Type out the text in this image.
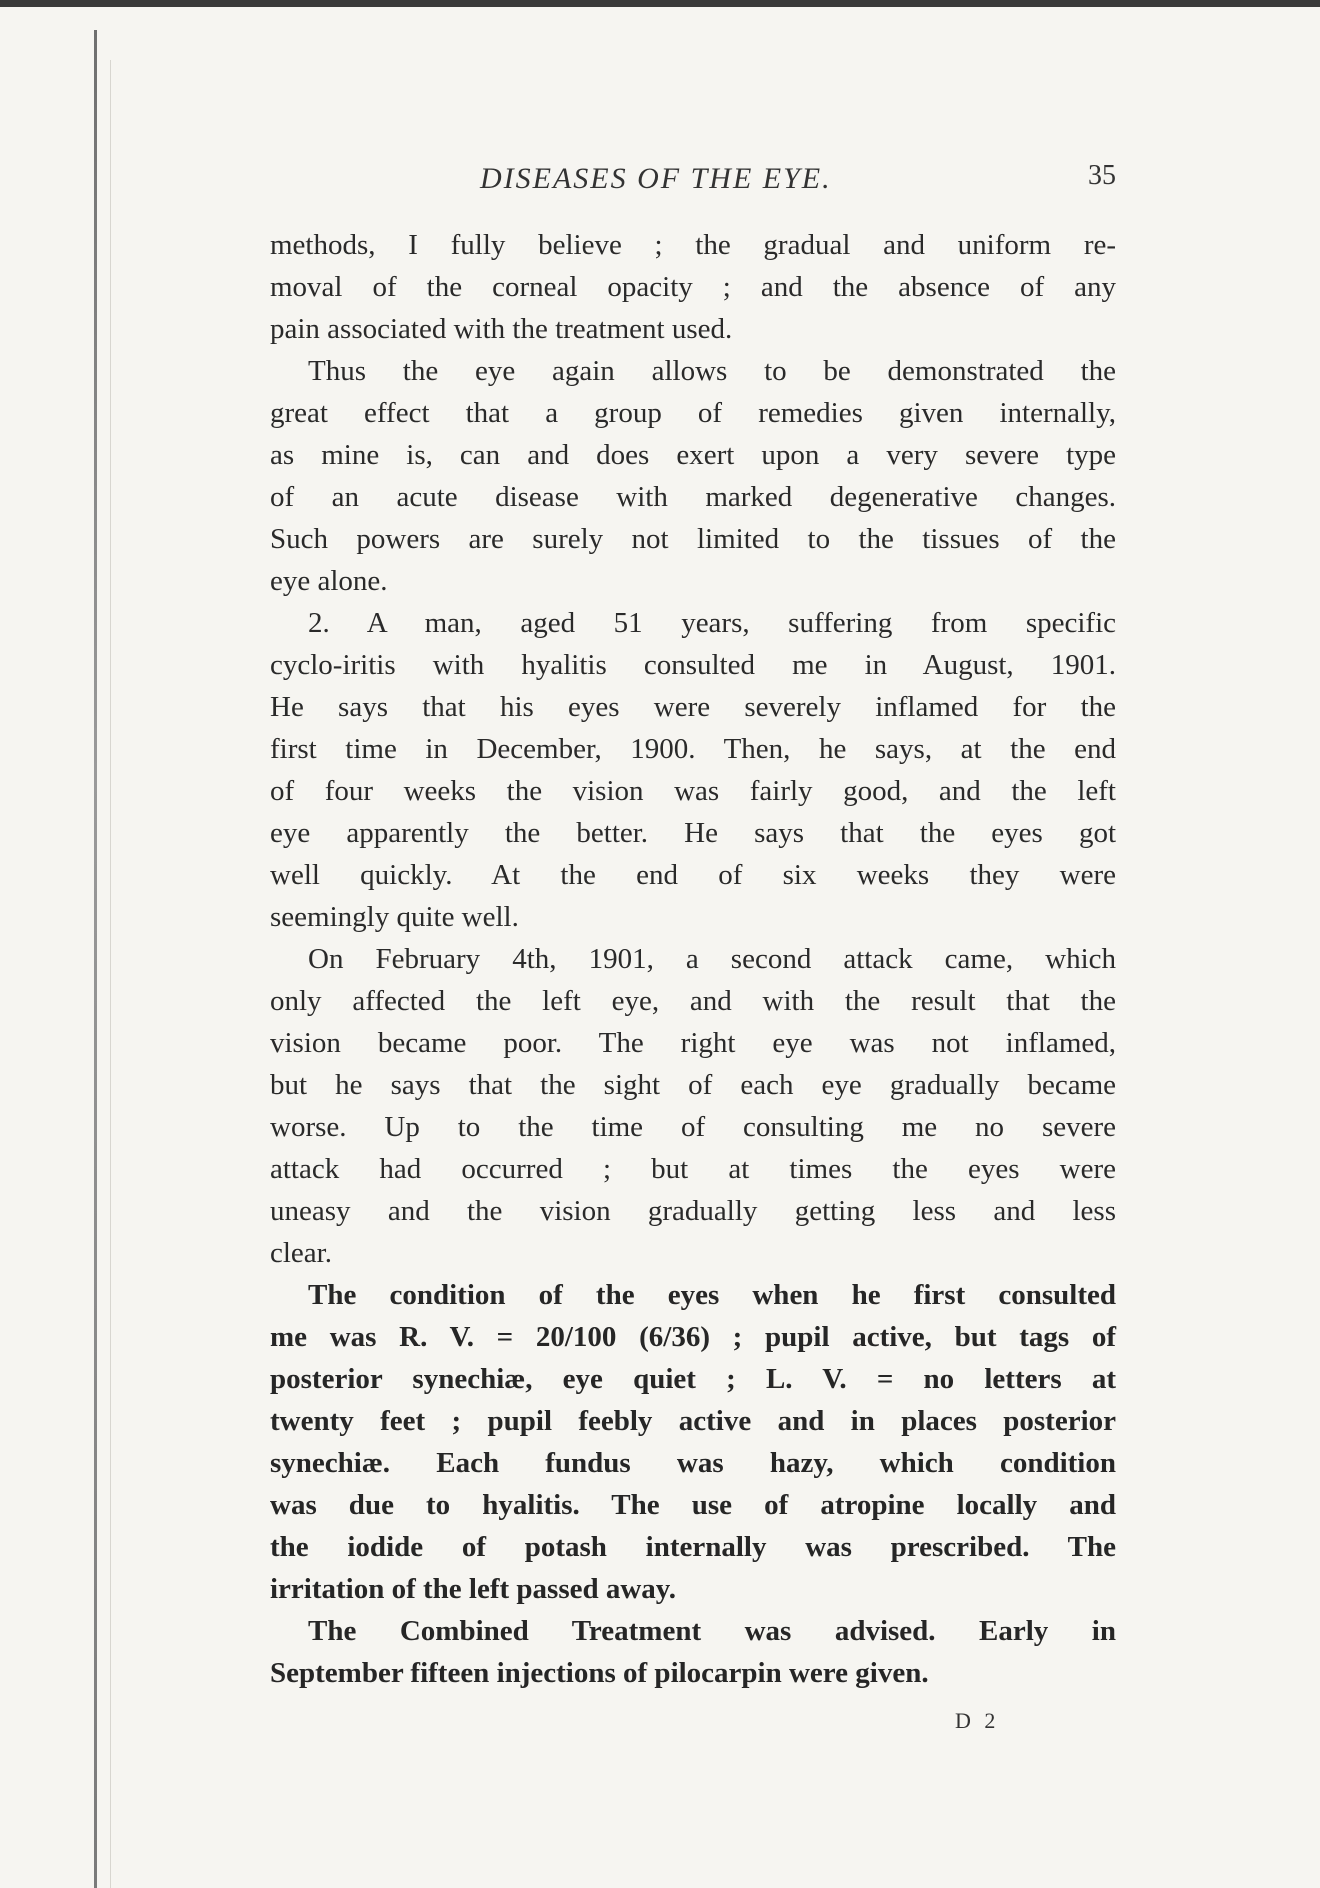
DISEASES OF THE EYE.	35
methods, I fully believe ; the gradual and uniform re-
moval of the corneal opacity ; and the absence of any
pain associated with the treatment used.
Thus the eye again allows to be demonstrated the
great effect that a group of remedies given internally,
as mine is, can and does exert upon a very severe type
of an acute disease with marked degenerative changes.
Such powers are surely not limited to the tissues of the
eye alone.
2. A man, aged 51 years, suffering from specific
cyclo-iritis with hyalitis consulted me in August, 1901.
He says that his eyes were severely inflamed for the
first time in December, 1900. Then, he says, at the end
of four weeks the vision was fairly good, and the left
eye apparently the better. He says that the eyes got
well quickly. At the end of six weeks they were
seemingly quite well.
On February 4th, 1901, a second attack came, which
only affected the left eye, and with the result that the
vision became poor. The right eye was not inflamed,
but he says that the sight of each eye gradually became
worse. Up to the time of consulting me no severe
attack had occurred ; but at times the eyes were
uneasy and the vision gradually getting less and less
clear.
The condition of the eyes when he first consulted
me was R. V. = 20/100 (6/36) ; pupil active, but tags of
posterior synechiæ, eye quiet ; L. V. = no letters at
twenty feet ; pupil feebly active and in places posterior
synechiæ. Each fundus was hazy, which condition
was due to hyalitis. The use of atropine locally and
the iodide of potash internally was prescribed. The
irritation of the left passed away.
The Combined Treatment was advised. Early in
September fifteen injections of pilocarpin were given.
D 2
